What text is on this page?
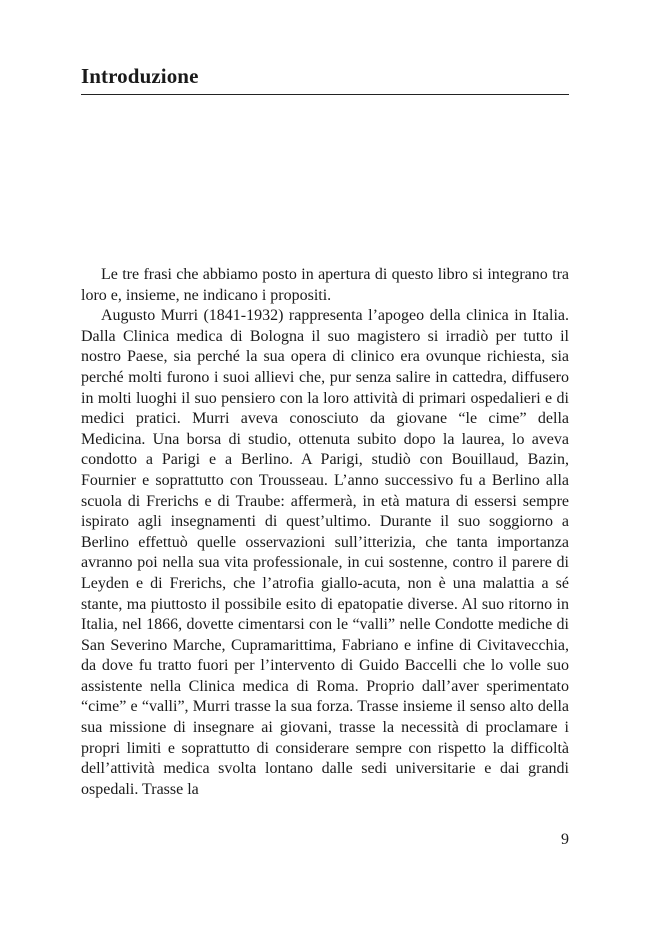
Introduzione

Le tre frasi che abbiamo posto in apertura di questo libro si integrano tra loro e, insieme, ne indicano i propositi.

Augusto Murri (1841-1932) rappresenta l’apogeo della clinica in Italia. Dalla Clinica medica di Bologna il suo magistero si irradiò per tutto il nostro Paese, sia perché la sua opera di clinico era ovunque richiesta, sia perché molti furono i suoi allievi che, pur senza salire in cattedra, diffusero in molti luoghi il suo pensiero con la loro attività di primari ospedalieri e di medici pratici. Murri aveva conosciuto da giovane “le cime” della Medicina. Una borsa di studio, ottenuta subito dopo la laurea, lo aveva condotto a Parigi e a Berlino. A Parigi, studiò con Bouillaud, Bazin, Fournier e soprattutto con Trousseau. L’anno successivo fu a Berlino alla scuola di Frerichs e di Traube: affermerà, in età matura di essersi sempre ispirato agli insegnamenti di quest’ultimo. Durante il suo soggiorno a Berlino effettuò quelle osservazioni sull’itterizia, che tanta importanza avranno poi nella sua vita professionale, in cui sostenne, contro il parere di Leyden e di Frerichs, che l’atrofia giallo-acuta, non è una malattia a sé stante, ma piuttosto il possibile esito di epatopatie diverse. Al suo ritorno in Italia, nel 1866, dovette cimentarsi con le “valli” nelle Condotte mediche di San Severino Marche, Cupramarittima, Fabriano e infine di Civitavecchia, da dove fu tratto fuori per l’intervento di Guido Baccelli che lo volle suo assistente nella Clinica medica di Roma. Proprio dall’aver sperimentato “cime” e “valli”, Murri trasse la sua forza. Trasse insieme il senso alto della sua missione di insegnare ai giovani, trasse la necessità di proclamare i propri limiti e soprattutto di considerare sempre con rispetto la difficoltà dell’attività medica svolta lontano dalle sedi universitarie e dai grandi ospedali. Trasse la

9
